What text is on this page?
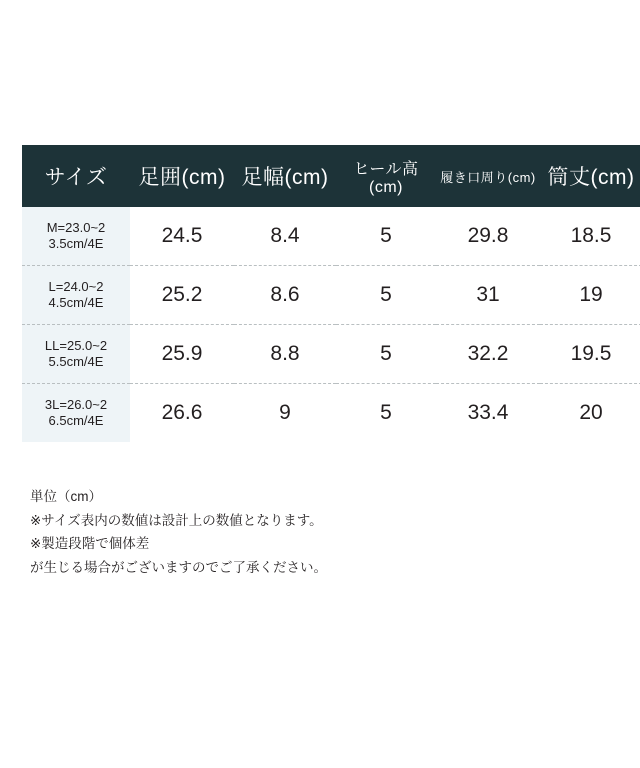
サイズ	足囲(cm)	足幅(cm)	ヒール高(cm)	履き口周り(cm)	筒丈(cm)
M=23.0~2
3.5cm/4E	24.5	8.4	5	29.8	18.5
L=24.0~2
4.5cm/4E	25.2	8.6	5	31	19
LL=25.0~2
5.5cm/4E	25.9	8.8	5	32.2	19.5
3L=26.0~2
6.5cm/4E	26.6	9	5	33.4	20
単位（cm）
※サイズ表内の数値は設計上の数値となります。
※製造段階で個体差
が生じる場合がございますのでご了承ください。
